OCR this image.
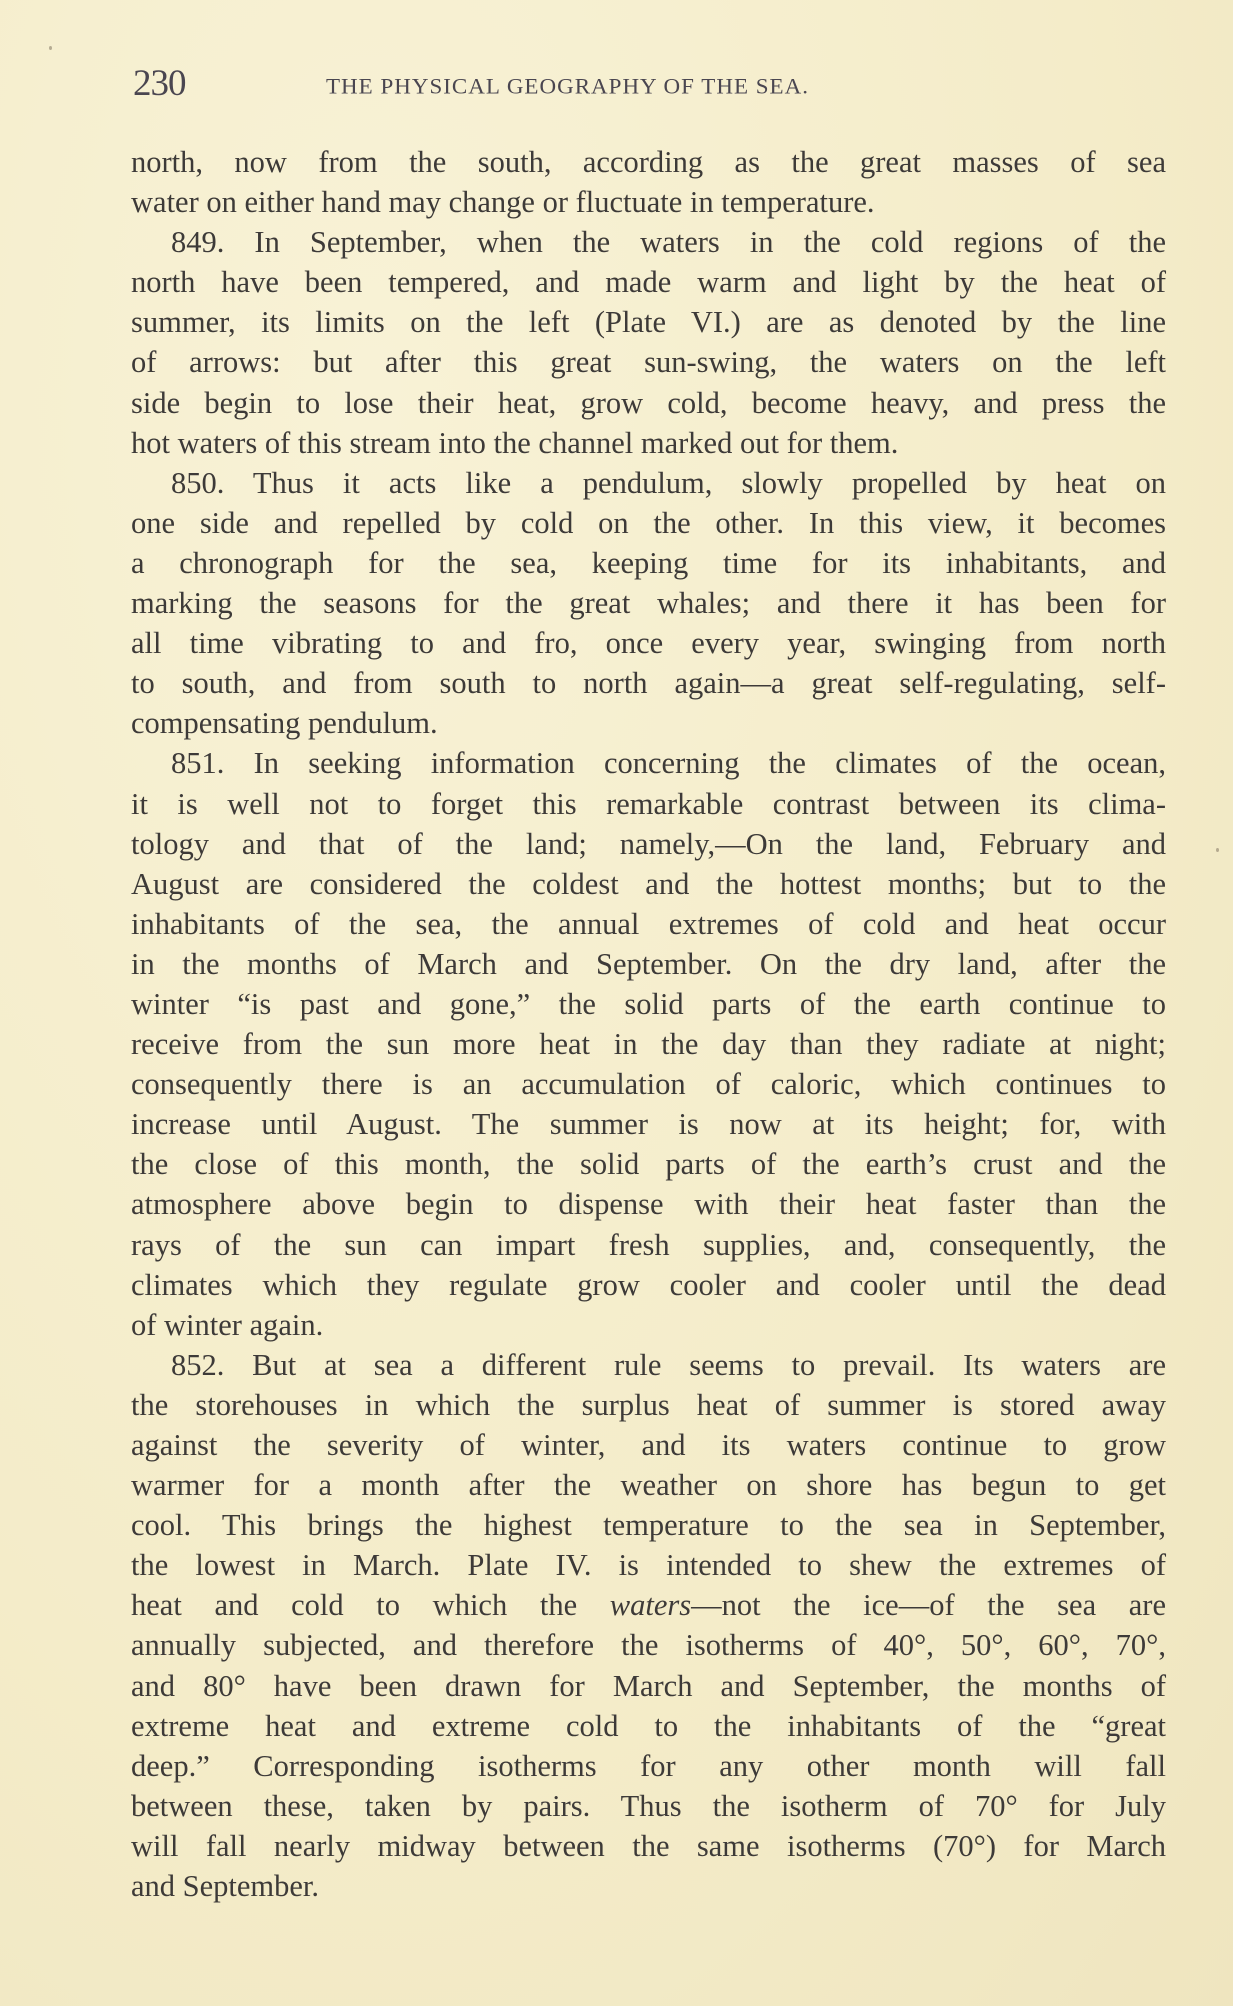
230	THE PHYSICAL GEOGRAPHY OF THE SEA.
north, now from the south, according as the great masses of sea
water on either hand may change or fluctuate in temperature.
849. In September, when the waters in the cold regions of the
north have been tempered, and made warm and light by the heat of
summer, its limits on the left (Plate VI.) are as denoted by the line
of arrows: but after this great sun-swing, the waters on the left
side begin to lose their heat, grow cold, become heavy, and press the
hot waters of this stream into the channel marked out for them.
850. Thus it acts like a pendulum, slowly propelled by heat on
one side and repelled by cold on the other. In this view, it becomes
a chronograph for the sea, keeping time for its inhabitants, and
marking the seasons for the great whales; and there it has been for
all time vibrating to and fro, once every year, swinging from north
to south, and from south to north again—a great self-regulating, self-
compensating pendulum.
851. In seeking information concerning the climates of the ocean,
it is well not to forget this remarkable contrast between its clima-
tology and that of the land; namely,—On the land, February and
August are considered the coldest and the hottest months; but to the
inhabitants of the sea, the annual extremes of cold and heat occur
in the months of March and September. On the dry land, after the
winter “is past and gone,” the solid parts of the earth continue to
receive from the sun more heat in the day than they radiate at night;
consequently there is an accumulation of caloric, which continues to
increase until August. The summer is now at its height; for, with
the close of this month, the solid parts of the earth’s crust and the
atmosphere above begin to dispense with their heat faster than the
rays of the sun can impart fresh supplies, and, consequently, the
climates which they regulate grow cooler and cooler until the dead
of winter again.
852. But at sea a different rule seems to prevail. Its waters are
the storehouses in which the surplus heat of summer is stored away
against the severity of winter, and its waters continue to grow
warmer for a month after the weather on shore has begun to get
cool. This brings the highest temperature to the sea in September,
the lowest in March. Plate IV. is intended to shew the extremes of
heat and cold to which the waters—not the ice—of the sea are
annually subjected, and therefore the isotherms of 40°, 50°, 60°, 70°,
and 80° have been drawn for March and September, the months of
extreme heat and extreme cold to the inhabitants of the “great
deep.” Corresponding isotherms for any other month will fall
between these, taken by pairs. Thus the isotherm of 70° for July
will fall nearly midway between the same isotherms (70°) for March
and September.
